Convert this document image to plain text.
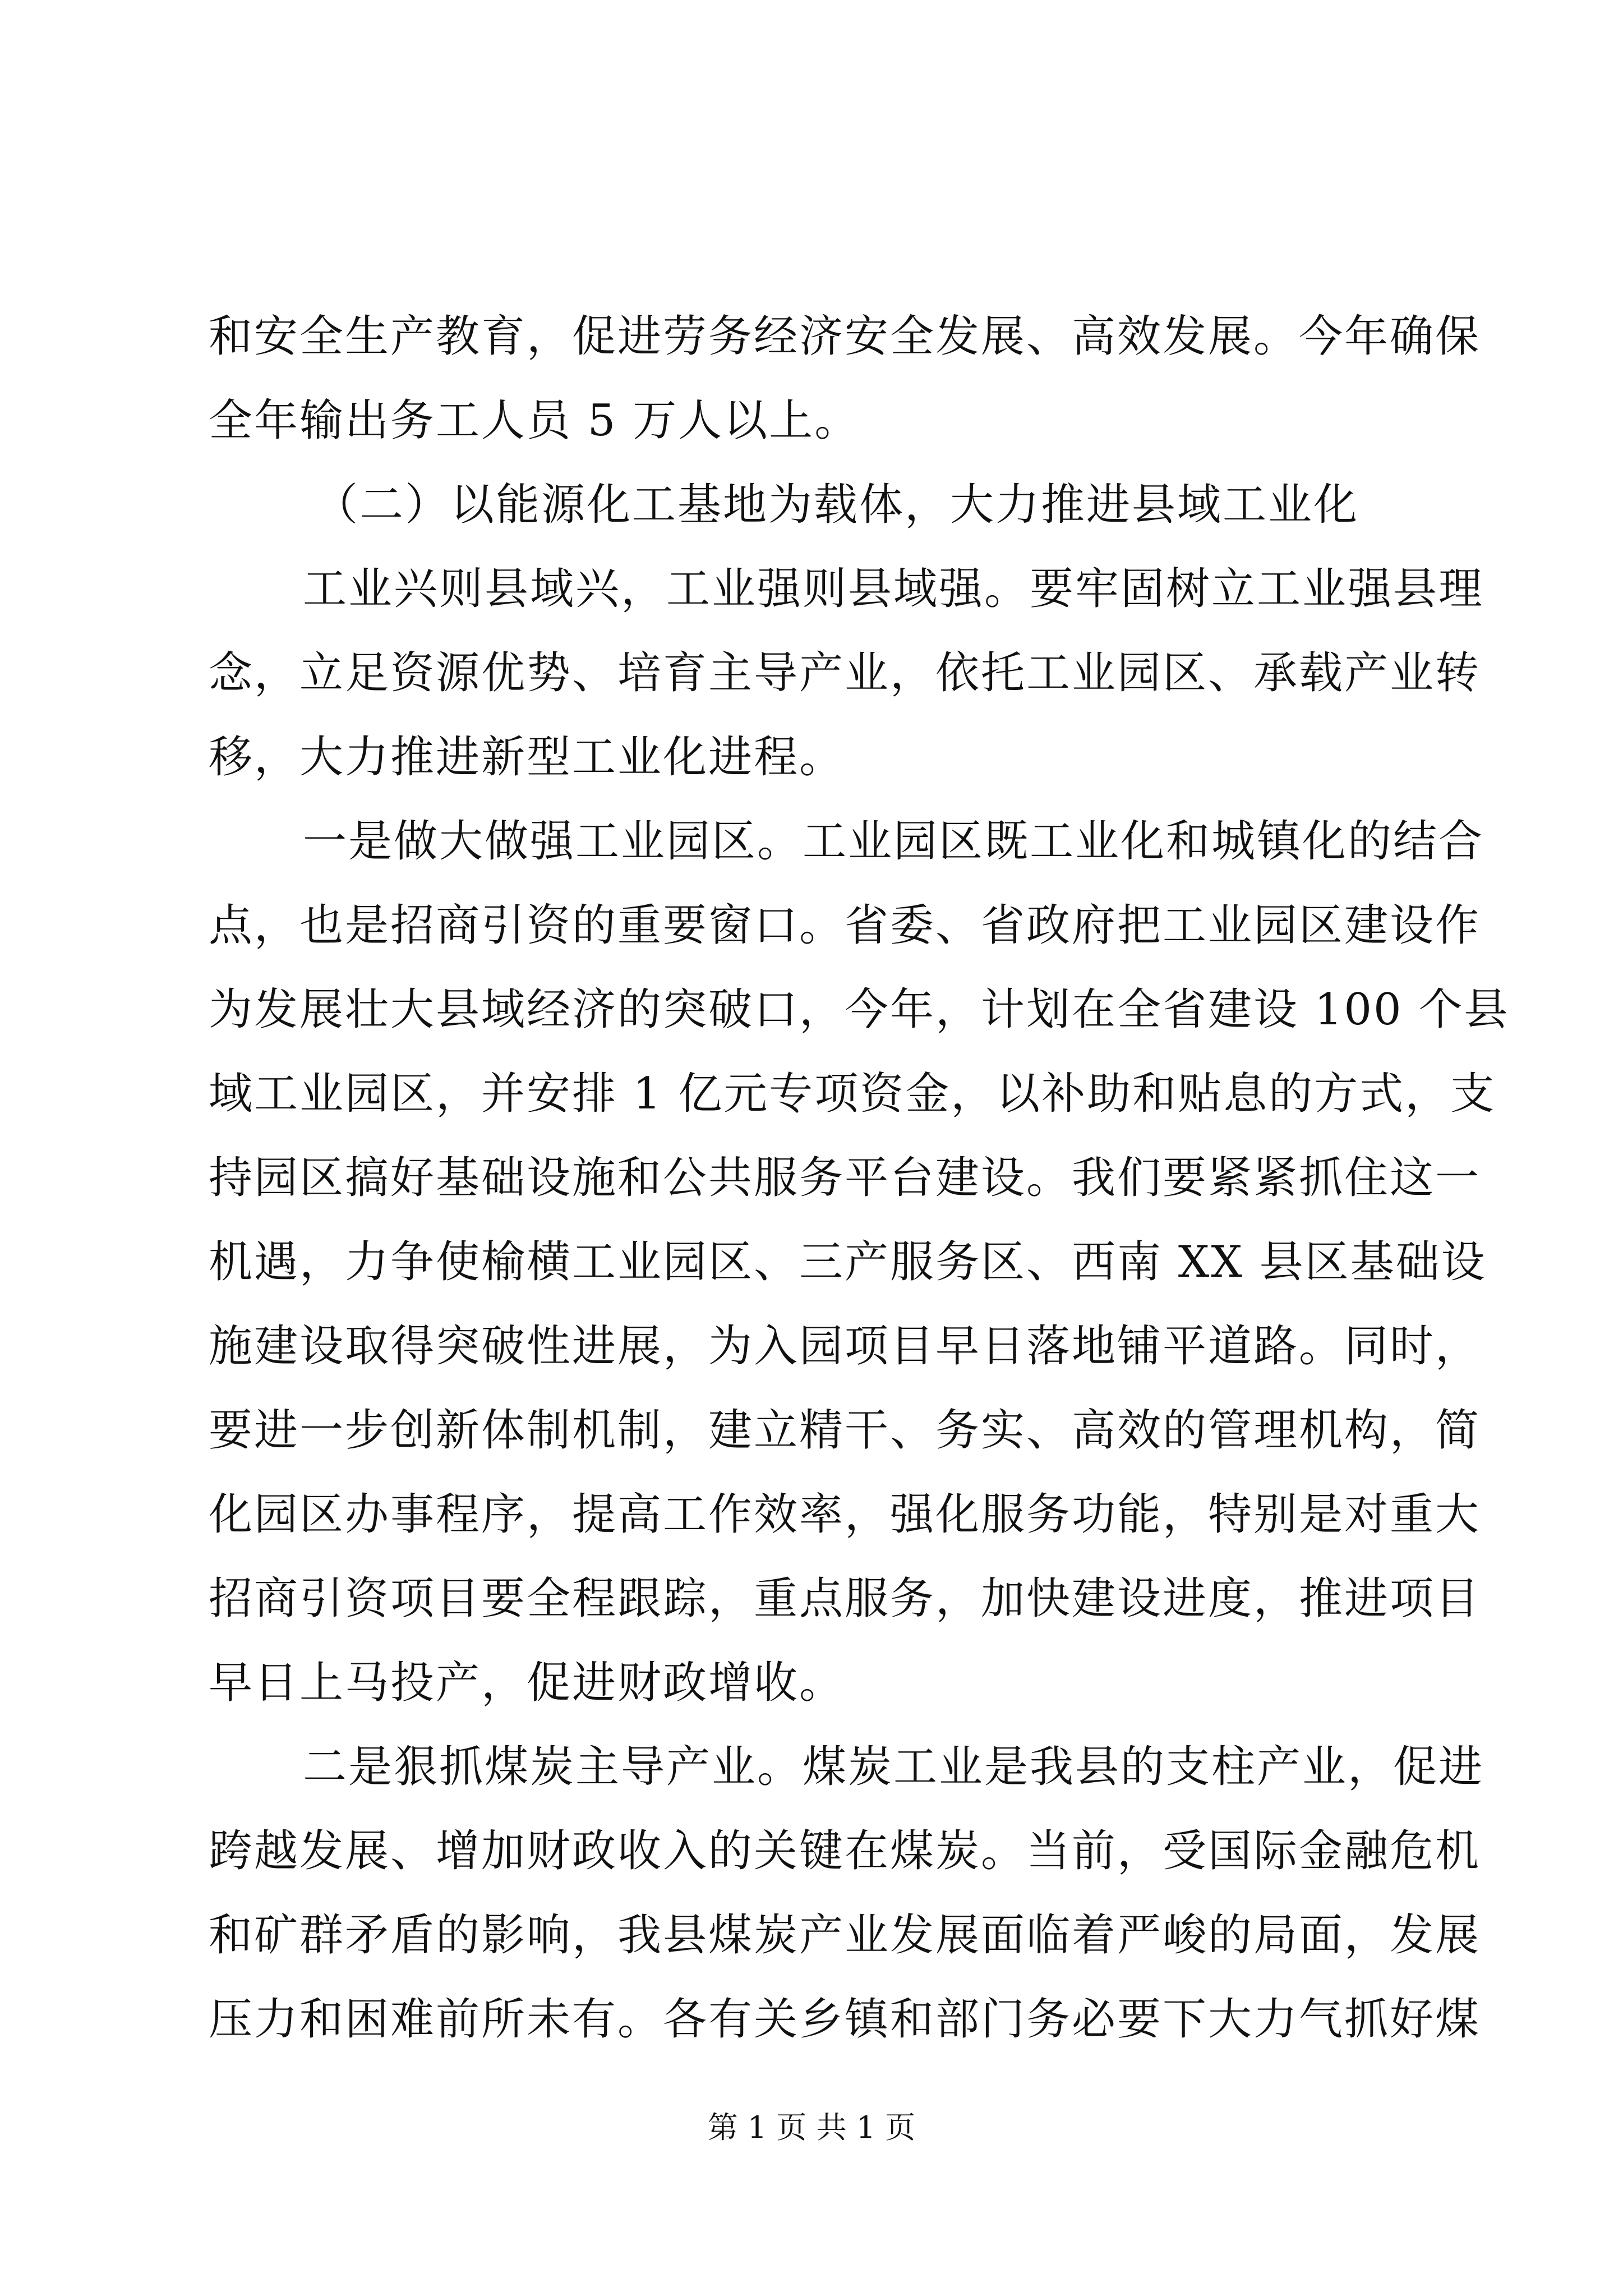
和安全生产教育，促进劳务经济安全发展、高效发展。今年确保
全年输出务工人员 5 万人以上。
（二）以能源化工基地为载体，大力推进县域工业化
工业兴则县域兴，工业强则县域强。要牢固树立工业强县理
念，立足资源优势、培育主导产业，依托工业园区、承载产业转
移，大力推进新型工业化进程。
一是做大做强工业园区。工业园区既工业化和城镇化的结合
点，也是招商引资的重要窗口。省委、省政府把工业园区建设作
为发展壮大县域经济的突破口，今年，计划在全省建设 100 个县
域工业园区，并安排 1 亿元专项资金，以补助和贴息的方式，支
持园区搞好基础设施和公共服务平台建设。我们要紧紧抓住这一
机遇，力争使榆横工业园区、三产服务区、西南 XX 县区基础设
施建设取得突破性进展，为入园项目早日落地铺平道路。同时，
要进一步创新体制机制，建立精干、务实、高效的管理机构，简
化园区办事程序，提高工作效率，强化服务功能，特别是对重大
招商引资项目要全程跟踪，重点服务，加快建设进度，推进项目
早日上马投产，促进财政增收。
二是狠抓煤炭主导产业。煤炭工业是我县的支柱产业，促进
跨越发展、增加财政收入的关键在煤炭。当前，受国际金融危机
和矿群矛盾的影响，我县煤炭产业发展面临着严峻的局面，发展
压力和困难前所未有。各有关乡镇和部门务必要下大力气抓好煤
第 1 页 共 1 页
